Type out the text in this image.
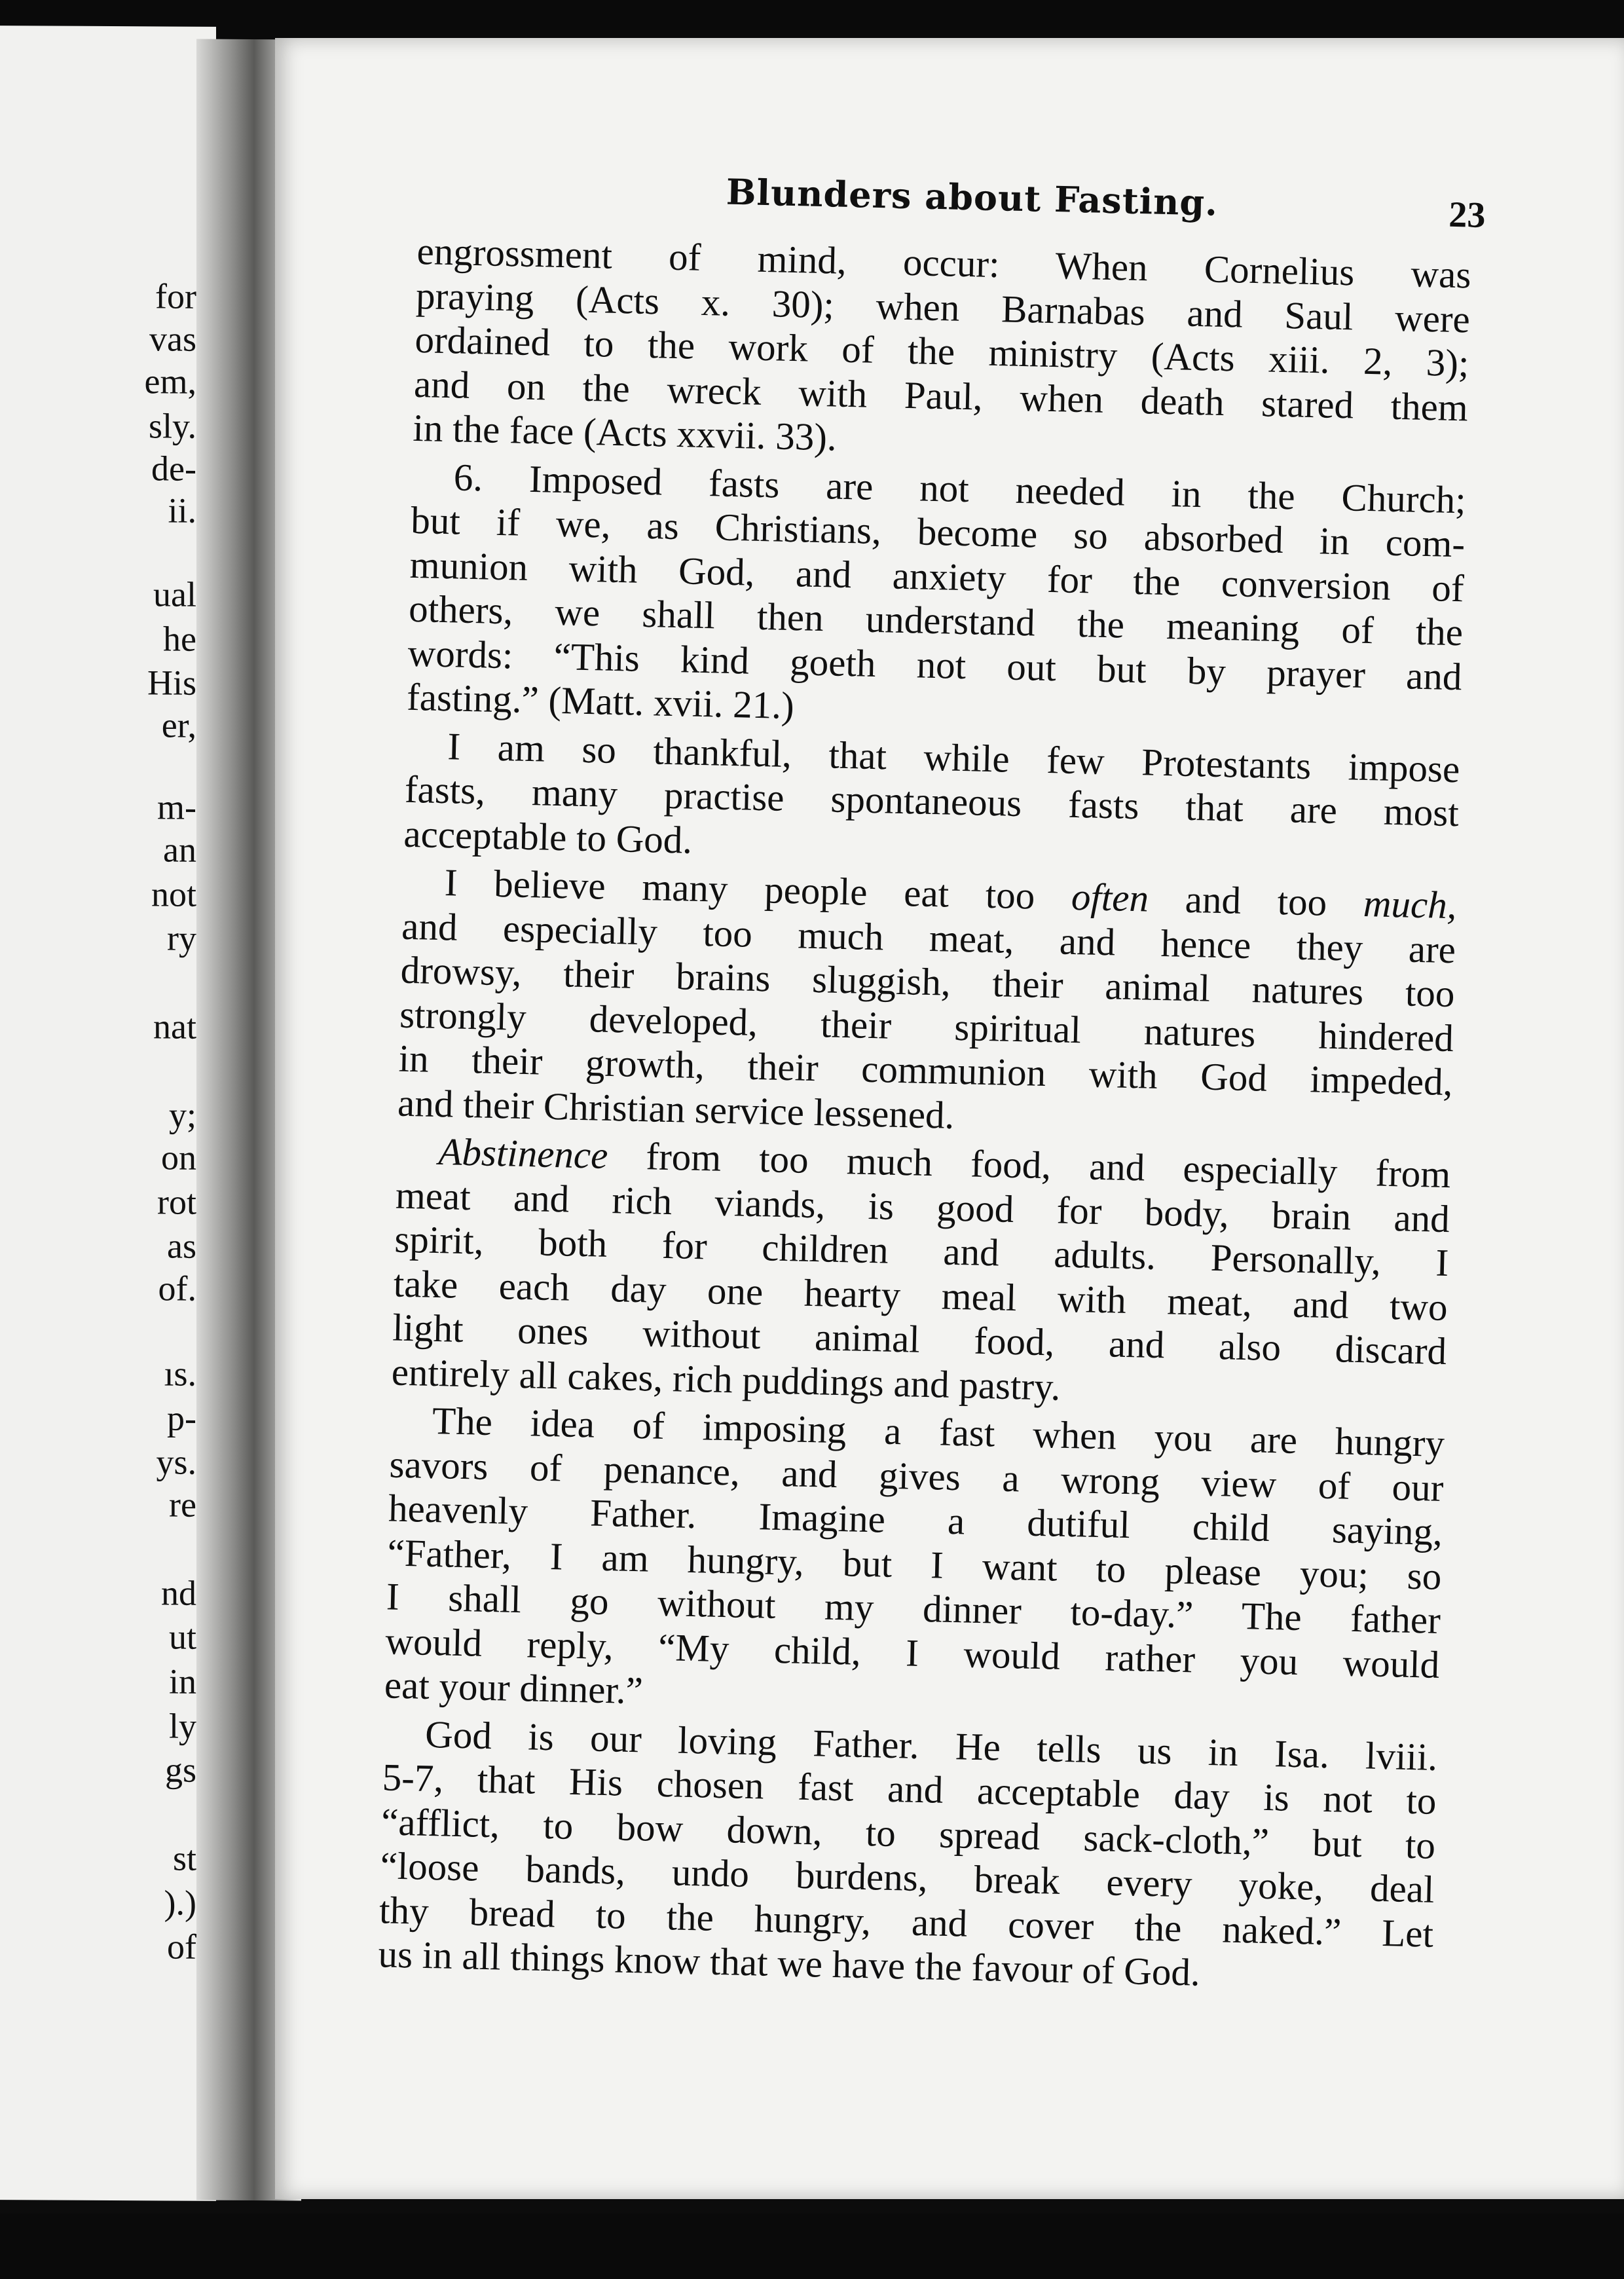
for
vas
em,
sly.
de-
ii.
ual
he
His
er,
m-
an
not
ry
nat
y;
on
rot
as
of.
ıs.
p-
ys.
re
nd
ut
in
ly
gs
st
).)
of
Blunders about Fasting.	23
engrossment of mind, occur: When Cornelius was
praying (Acts x. 30); when Barnabas and Saul were
ordained to the work of the ministry (Acts xiii. 2, 3);
and on the wreck with Paul, when death stared them
in the face (Acts xxvii. 33).
6. Imposed fasts are not needed in the Church;
but if we, as Christians, become so absorbed in com-
munion with God, and anxiety for the conversion of
others, we shall then understand the meaning of the
words: “This kind goeth not out but by prayer and
fasting.” (Matt. xvii. 21.)
I am so thankful, that while few Protestants impose
fasts, many practise spontaneous fasts that are most
acceptable to God.
I believe many people eat too often and too much,
and especially too much meat, and hence they are
drowsy, their brains sluggish, their animal natures too
strongly developed, their spiritual natures hindered
in their growth, their communion with God impeded,
and their Christian service lessened.
Abstinence from too much food, and especially from
meat and rich viands, is good for body, brain and
spirit, both for children and adults. Personally, I
take each day one hearty meal with meat, and two
light ones without animal food, and also discard
entirely all cakes, rich puddings and pastry.
The idea of imposing a fast when you are hungry
savors of penance, and gives a wrong view of our
heavenly Father. Imagine a dutiful child saying,
“Father, I am hungry, but I want to please you; so
I shall go without my dinner to-day.” The father
would reply, “My child, I would rather you would
eat your dinner.”
God is our loving Father. He tells us in Isa. lviii.
5-7, that His chosen fast and acceptable day is not to
“afflict, to bow down, to spread sack-cloth,” but to
“loose bands, undo burdens, break every yoke, deal
thy bread to the hungry, and cover the naked.” Let
us in all things know that we have the favour of God.
